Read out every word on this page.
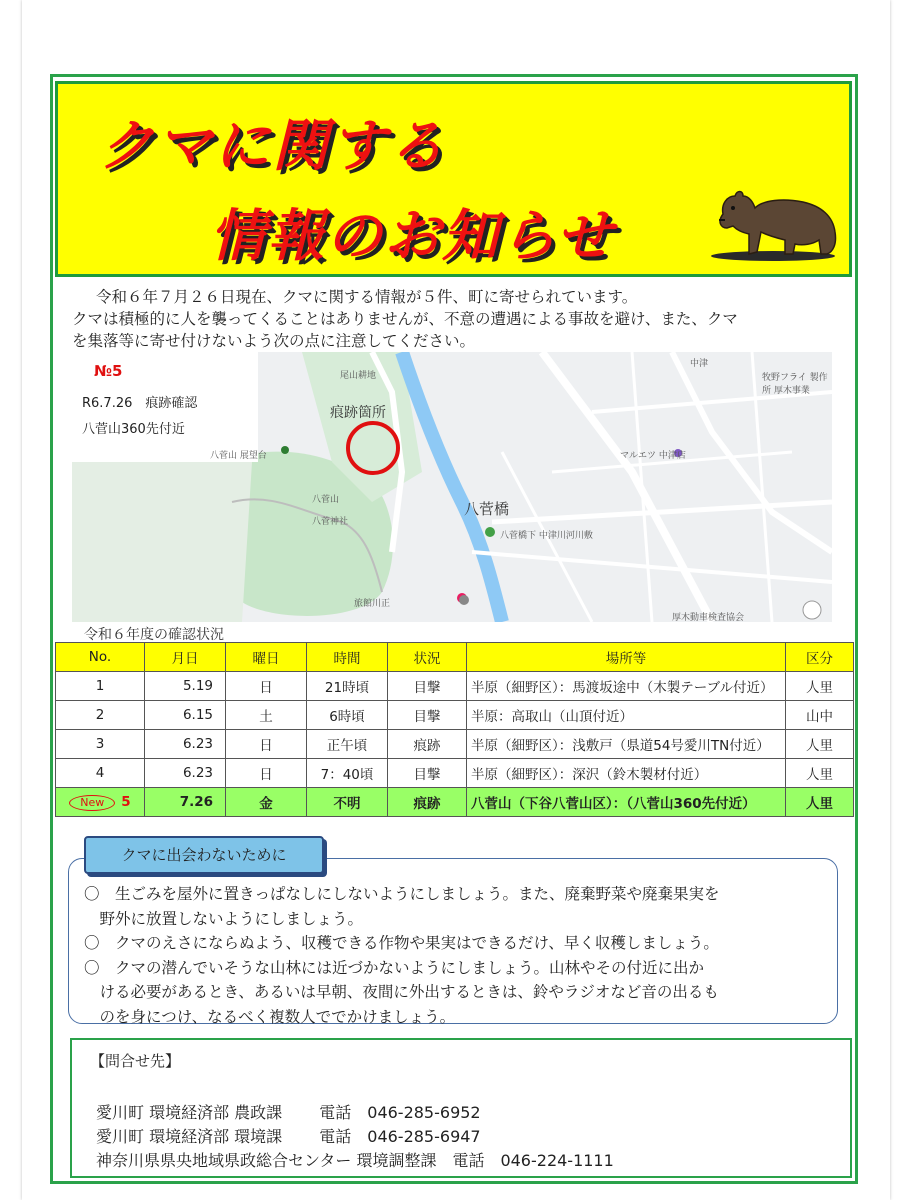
クマに関する
情報のお知らせ

令和６年７月２６日現在、クマに関する情報が５件、町に寄せられています。

クマは積極的に人を襲ってくることはありませんが、不意の遭遇による事故を避け、また、クマ

を集落等に寄せ付けないよう次の点に注意してください。

№5
R6.7.26　痕跡確認
八菅山360先付近
痕跡箇所
八菅橋
尾山耕地
八菅山 展望台
八菅山
八菅神社
旅館川正
八菅橋下 中津川河川敷
マルエツ 中津店
中津
牧野フライ 製作所 厚木事業
厚木動車検査協会
令和６年度の確認状況
No.	月日	曜日	時間	状況	場所等	区分
1	5.19	日	21時頃	目撃	半原（細野区）：馬渡坂途中（木製テーブル付近）	人里
2	6.15	土	6時頃	目撃	半原：高取山（山頂付近）	山中
3	6.23	日	正午頃	痕跡	半原（細野区）：浅敷戸（県道54号愛川TN付近）	人里
4	6.23	日	7：40頃	目撃	半原（細野区）：深沢（鈴木製材付近）	人里
New 5	7.26	金	不明	痕跡	八菅山（下谷八菅山区）：（八菅山360先付近）	人里
クマに出会わないために
〇　生ごみを屋外に置きっぱなしにしないようにしましょう。また、廃棄野菜や廃棄果実を
　野外に放置しないようにしましょう。
〇　クマのえさにならぬよう、収穫できる作物や果実はできるだけ、早く収穫しましょう。
〇　クマの潜んでいそうな山林には近づかないようにしましょう。山林やその付近に出か
　ける必要があるとき、あるいは早朝、夜間に外出するときは、鈴やラジオなど音の出るも
　のを身につけ、なるべく複数人ででかけましょう。
【問合せ先】
愛川町 環境経済部 農政課　　 電話　046-285-6952
愛川町 環境経済部 環境課　　 電話　046-285-6947
神奈川県県央地域県政総合センター 環境調整課　電話　046-224-1111
